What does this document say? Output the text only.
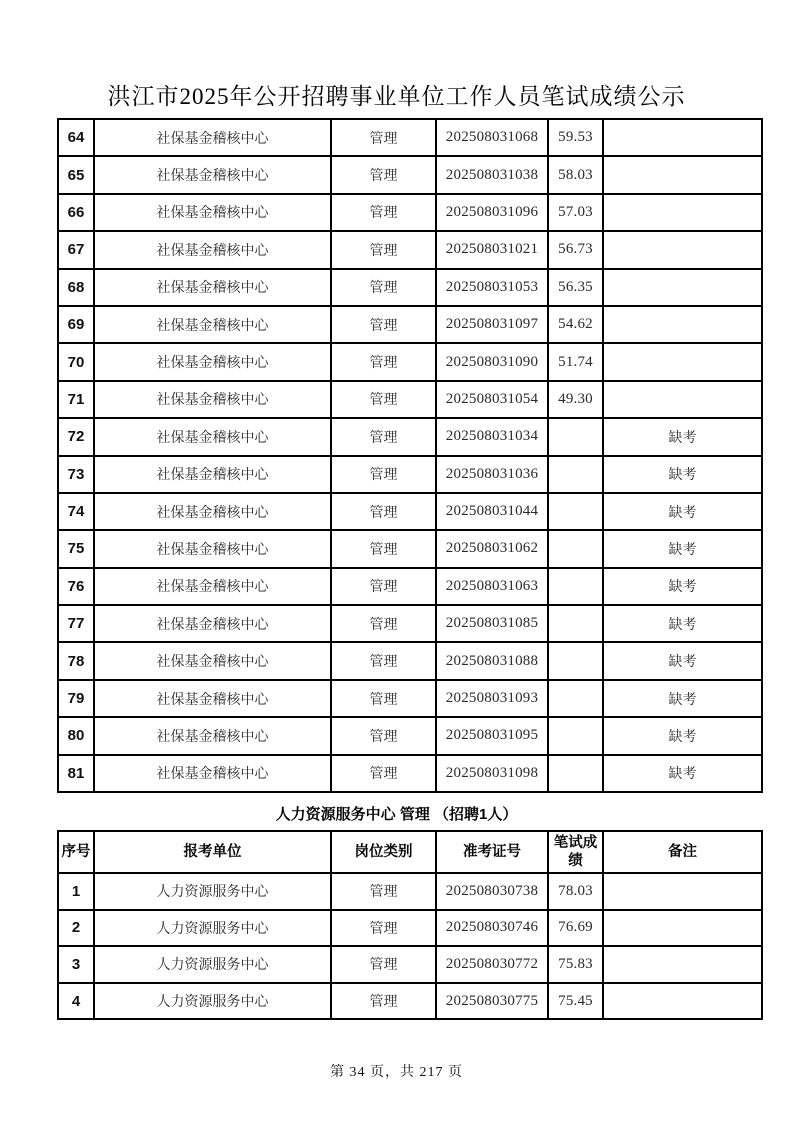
洪江市2025年公开招聘事业单位工作人员笔试成绩公示
64	社保基金稽核中心	管理	202508031068	59.53	
65	社保基金稽核中心	管理	202508031038	58.03	
66	社保基金稽核中心	管理	202508031096	57.03	
67	社保基金稽核中心	管理	202508031021	56.73	
68	社保基金稽核中心	管理	202508031053	56.35	
69	社保基金稽核中心	管理	202508031097	54.62	
70	社保基金稽核中心	管理	202508031090	51.74	
71	社保基金稽核中心	管理	202508031054	49.30	
72	社保基金稽核中心	管理	202508031034		缺考
73	社保基金稽核中心	管理	202508031036		缺考
74	社保基金稽核中心	管理	202508031044		缺考
75	社保基金稽核中心	管理	202508031062		缺考
76	社保基金稽核中心	管理	202508031063		缺考
77	社保基金稽核中心	管理	202508031085		缺考
78	社保基金稽核中心	管理	202508031088		缺考
79	社保基金稽核中心	管理	202508031093		缺考
80	社保基金稽核中心	管理	202508031095		缺考
81	社保基金稽核中心	管理	202508031098		缺考
人力资源服务中心 管理 （招聘1人）
序号	报考单位	岗位类别	准考证号	笔试成绩	备注
1	人力资源服务中心	管理	202508030738	78.03	
2	人力资源服务中心	管理	202508030746	76.69	
3	人力资源服务中心	管理	202508030772	75.83	
4	人力资源服务中心	管理	202508030775	75.45	
第 34 页，共 217 页
